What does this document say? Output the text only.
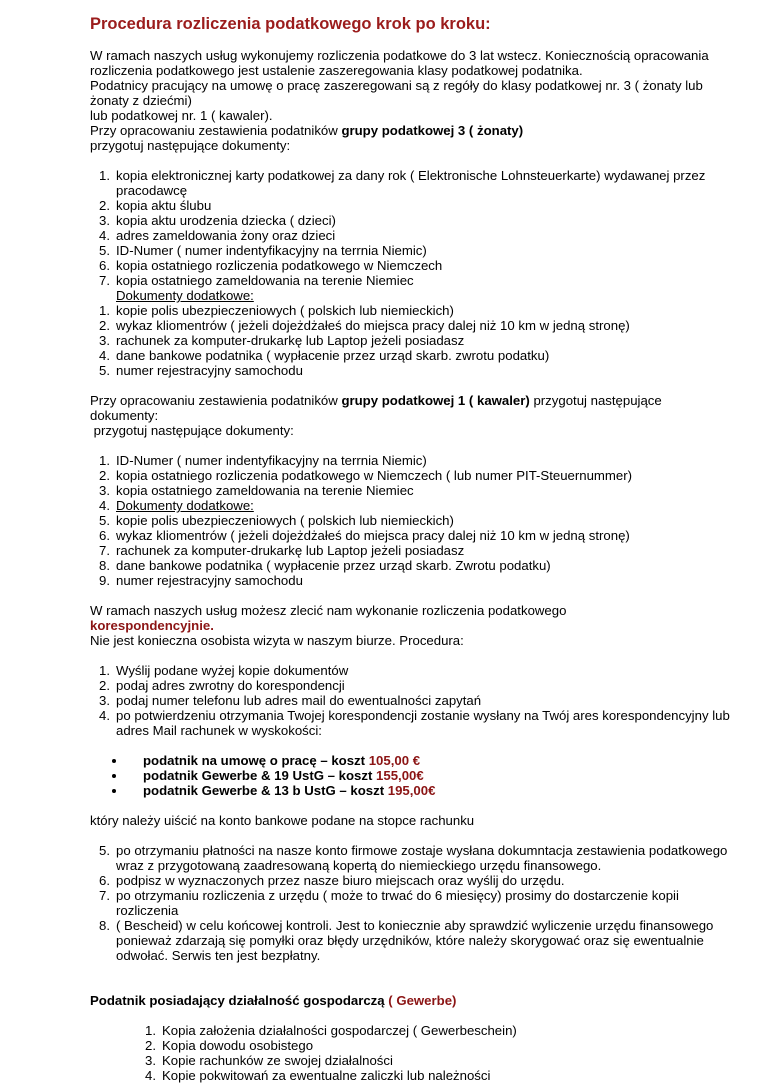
Procedura rozliczenia podatkowego krok po kroku:

W ramach naszych usług wykonujemy rozliczenia podatkowe do 3 lat wstecz. Koniecznością opracowania rozliczenia podatkowego jest ustalenie zaszeregowania klasy podatkowej podatnika.

Podatnicy pracujący na umowę o pracę zaszeregowani są z regóły do klasy podatkowej nr. 3 ( żonaty lub żonaty z dziećmi)

lub podatkowej nr. 1 ( kawaler).

Przy opracowaniu zestawienia podatników grupy podatkowej 3 ( żonaty)

przygotuj następujące dokumenty:

1 . kopia elektronicznej karty podatkowej za dany rok ( Elektronische Lohnsteuerkarte) wydawanej przez pracodawcę
2 . kopia aktu ślubu
3 . kopia aktu urodzenia dziecka ( dzieci)
4 . adres zameldowania żony oraz dzieci
5 . ID-Numer ( numer indentyfikacyjny na terrnia Niemic)
6 . kopia ostatniego rozliczenia podatkowego w Niemczech
7 . kopia ostatniego zameldowania na terenie Niemiec

Dokumenty dodatkowe:

1 . kopie polis ubezpieczeniowych ( polskich lub niemieckich)
2 . wykaz kliomentrów ( jeżeli dojeżdżałeś do miejsca pracy dalej niż 10 km w jedną stronę)
3 . rachunek za komputer-drukarkę lub Laptop jeżeli posiadasz
4 . dane bankowe podatnika ( wypłacenie przez urząd skarb. zwrotu podatku)
5 . numer rejestracyjny samochodu

Przy opracowaniu zestawienia podatników grupy podatkowej 1 ( kawaler) przygotuj następujące dokumenty:

przygotuj następujące dokumenty:

1 . ID-Numer ( numer indentyfikacyjny na terrnia Niemic)
2 . kopia ostatniego rozliczenia podatkowego w Niemczech ( lub numer PIT-Steuernummer)
3 . kopia ostatniego zameldowania na terenie Niemiec
4 . Dokumenty dodatkowe:
5 . kopie polis ubezpieczeniowych ( polskich lub niemieckich)
6 . wykaz kliomentrów ( jeżeli dojeżdżałeś do miejsca pracy dalej niż 10 km w jedną stronę)
7 . rachunek za komputer-drukarkę lub Laptop jeżeli posiadasz
8 . dane bankowe podatnika ( wypłacenie przez urząd skarb. Zwrotu podatku)
9 . numer rejestracyjny samochodu

W ramach naszych usług możesz zlecić nam wykonanie rozliczenia podatkowego

korespondencyjnie.

Nie jest konieczna osobista wizyta w naszym biurze. Procedura:

1 . Wyślij podane wyżej kopie dokumentów
2 . podaj adres zwrotny do korespondencji
3 . podaj numer telefonu lub adres mail do ewentualności zapytań
4 . po potwierdzeniu otrzymania Twojej korespondencji zostanie wysłany na Twój ares korespondencyjny lub adres Mail rachunek w wyskokości:
podatnik na umowę o pracę – koszt 105,00 €
podatnik Gewerbe & 19 UstG – koszt 155,00€
podatnik Gewerbe & 13 b UstG – koszt 195,00€

który należy uiścić na konto bankowe podane na stopce rachunku

5 . po otrzymaniu płatności na nasze konto firmowe zostaje wysłana dokumntacja zestawienia podatkowego wraz z przygotowaną zaadresowaną kopertą do niemieckiego urzędu finansowego.
6 . podpisz w wyznaczonych przez nasze biuro miejscach oraz wyślij do urzędu.
7 . po otrzymaniu rozliczenia z urzędu ( może to trwać do 6 miesięcy) prosimy do dostarczenie kopii rozliczenia
8 . ( Bescheid) w celu końcowej kontroli. Jest to koniecznie aby sprawdzić wyliczenie urzędu finansowego ponieważ zdarzają się pomyłki oraz błędy urzędników, które należy skorygować oraz się ewentualnie odwołać. Serwis ten jest bezpłatny.

Podatnik posiadający działalność gospodarczą ( Gewerbe)

1 . Kopia założenia działalności gospodarczej ( Gewerbeschein)
2 . Kopia dowodu osobistego
3 . Kopie rachunków ze swojej działalności
4 . Kopie pokwitowań za ewentualne zaliczki lub należności
